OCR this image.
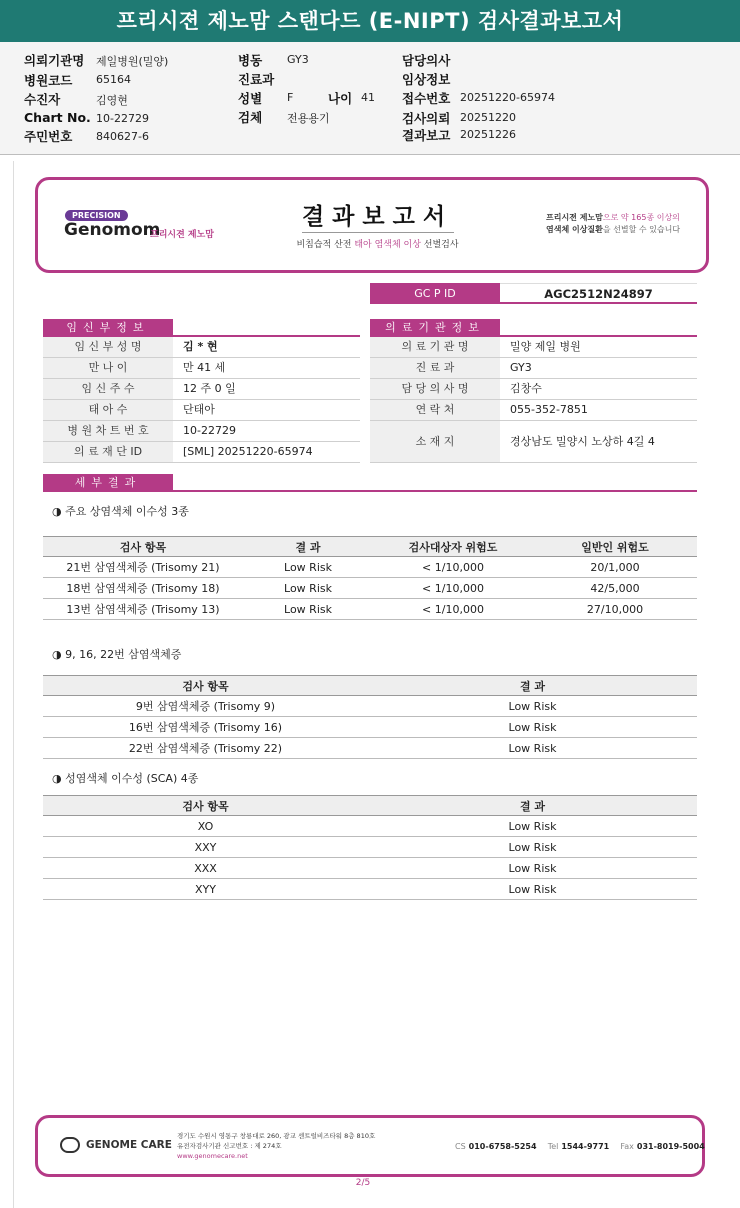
프리시젼 제노맘 스탠다드 (E-NIPT) 검사결과보고서
의뢰기관명 제일병원(밀양)
병원코드 65164
수진자	김영현
Chart No. 10-22729
주민번호 840627-6
병동 GY3
진료과
성별 F	나이 41
검체 전용용기
담당의사
임상정보
접수번호 20251220-65974
검사의뢰 20251220
결과보고 20251226
PRECISION
Genomom
프리시젼 제노맘
결과보고서
비침습적 산전 태아 염색체 이상 선별검사
프리시젼 제노맘으로 약 165종 이상의
염색체 이상질환을 선별할 수 있습니다
GC P ID	AGC2512N24897
임신부정보	의료기관정보
임 신 부 성 명	김 * 현
만 나 이	만 41 세
임 신 주 수	12 주 0 일
태 아 수	단태아
병 원 차 트 번 호	10-22729
의 료 재 단 ID	[SML] 20251220-65974
의 료 기 관 명	밀양 제일 병원
진 료 과	GY3
담 당 의 사 명	김창수
연 락 처	055-352-7851
소 재 지	경상남도 밀양시 노상하 4길 4
세부결과
◑ 주요 상염색체 이수성 3종
검사 항목	결 과	검사대상자 위험도	일반인 위험도
21번 삼염색체증 (Trisomy 21)	Low Risk	< 1/10,000	20/1,000
18번 삼염색체증 (Trisomy 18)	Low Risk	< 1/10,000	42/5,000
13번 삼염색체증 (Trisomy 13)	Low Risk	< 1/10,000	27/10,000
◑ 9, 16, 22번 삼염색체증
검사 항목	결 과
9번 삼염색체증 (Trisomy 9)	Low Risk
16번 삼염색체증 (Trisomy 16)	Low Risk
22번 삼염색체증 (Trisomy 22)	Low Risk
◑ 성염색체 이수성 (SCA) 4종
검사 항목	결 과
XO	Low Risk
XXY	Low Risk
XXX	Low Risk
XYY	Low Risk
GENOME CARE
경기도 수원시 영통구 창룡대로 260, 광교 센트럴비즈타워 8층 810호
유전자검사기관 신고번호 : 제 274호
www.genomecare.net
CS 010-6758-5254 Tel 1544-9771 Fax 031-8019-5004
2/5
